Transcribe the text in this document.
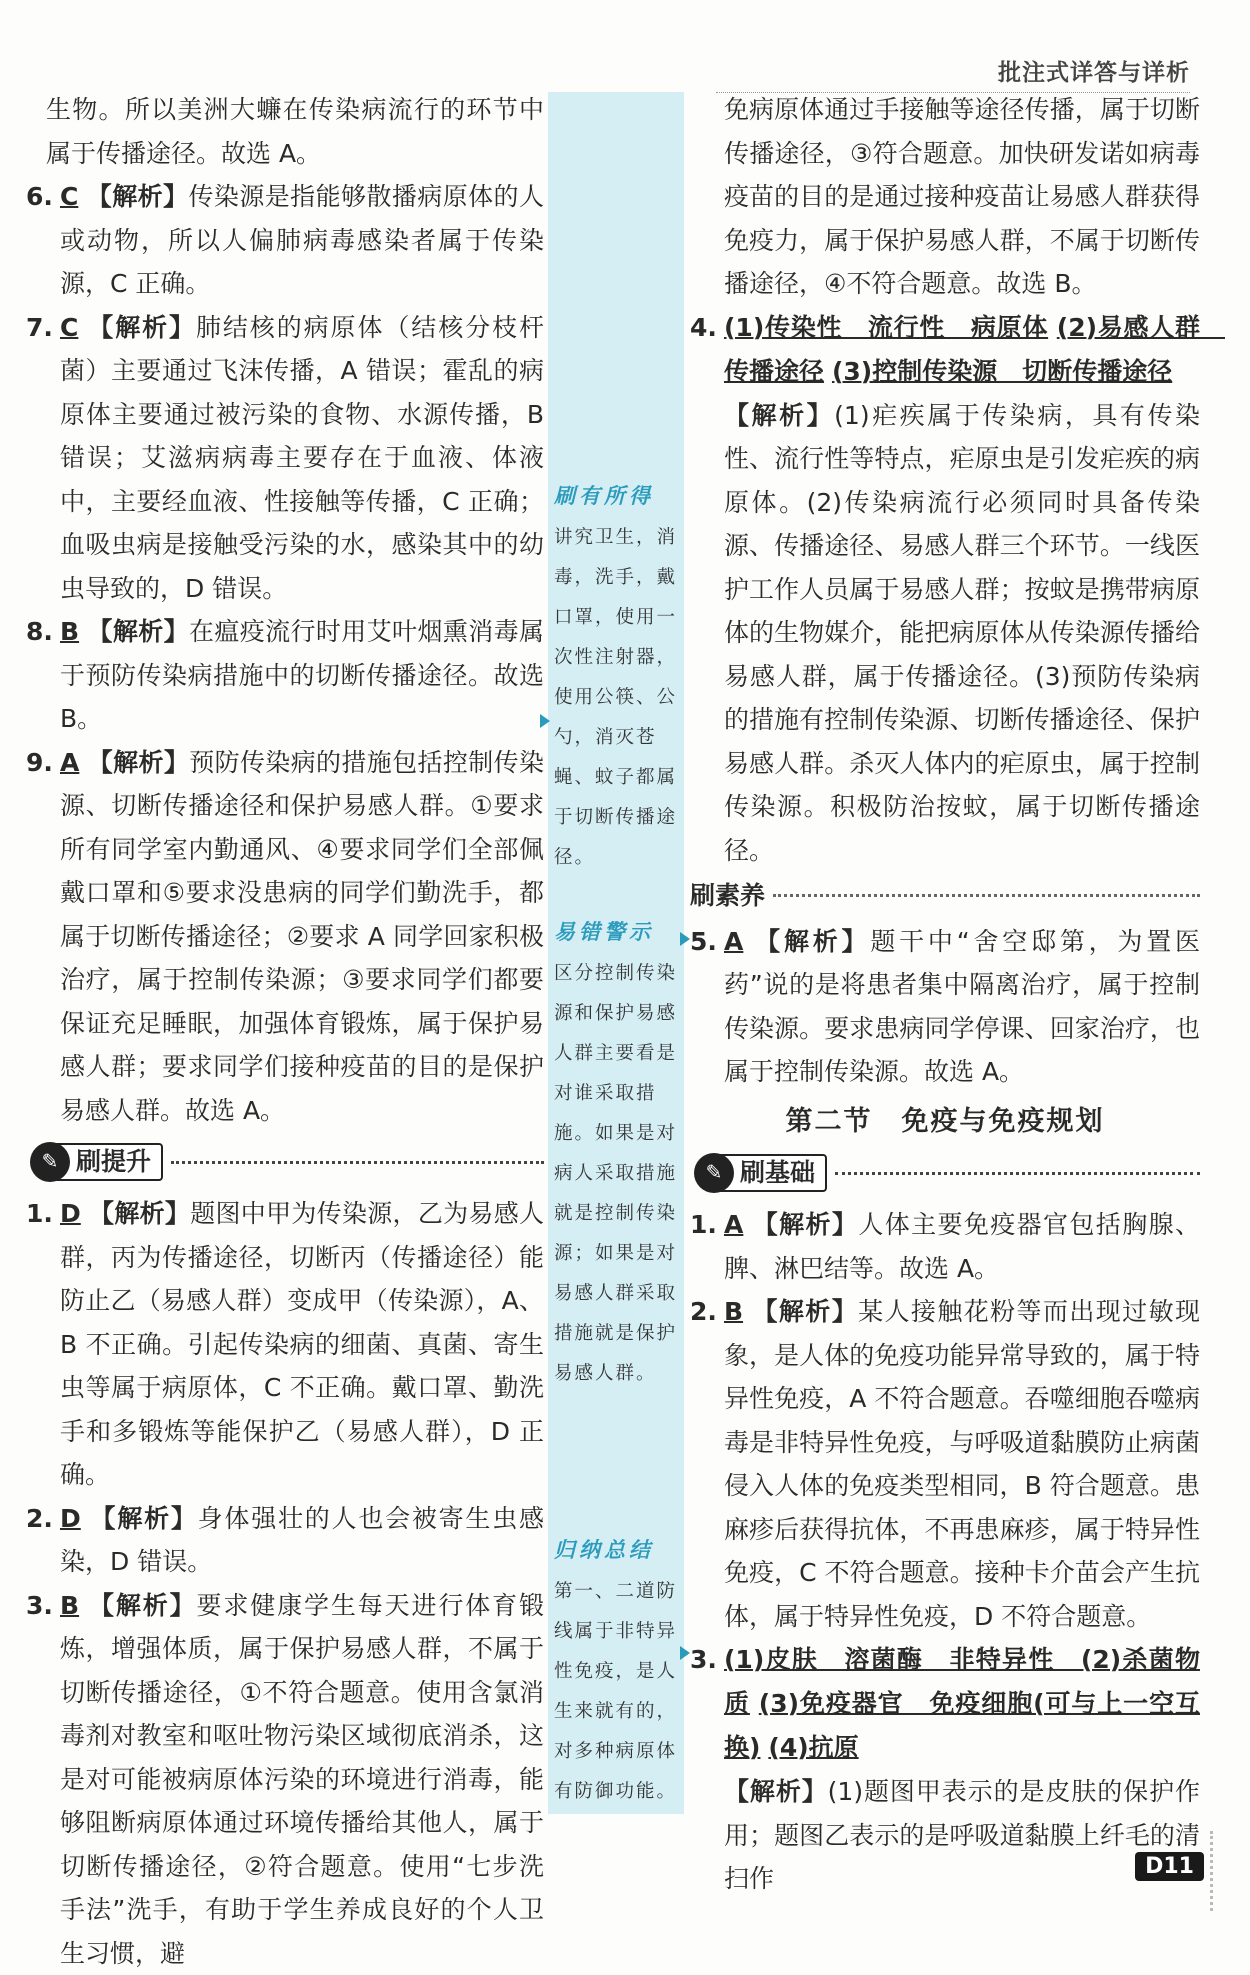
批注式详答与详析
生物。所以美洲大蠊在传染病流行的环节中属于传播途径。故选 A。
6. C 【解析】传染源是指能够散播病原体的人或动物，所以人偏肺病毒感染者属于传染源，C 正确。
7. C 【解析】肺结核的病原体（结核分枝杆菌）主要通过飞沫传播，A 错误；霍乱的病原体主要通过被污染的食物、水源传播，B 错误；艾滋病病毒主要存在于血液、体液中，主要经血液、性接触等传播，C 正确；血吸虫病是接触受污染的水，感染其中的幼虫导致的，D 错误。
8. B 【解析】在瘟疫流行时用艾叶烟熏消毒属于预防传染病措施中的切断传播途径。故选 B。
9. A 【解析】预防传染病的措施包括控制传染源、切断传播途径和保护易感人群。①要求所有同学室内勤通风、④要求同学们全部佩戴口罩和⑤要求没患病的同学们勤洗手，都属于切断传播途径；②要求 A 同学回家积极治疗，属于控制传染源；③要求同学们都要保证充足睡眠，加强体育锻炼，属于保护易感人群；要求同学们接种疫苗的目的是保护易感人群。故选 A。
✎ 刷提升
1. D 【解析】题图中甲为传染源，乙为易感人群，丙为传播途径，切断丙（传播途径）能防止乙（易感人群）变成甲（传染源），A、B 不正确。引起传染病的细菌、真菌、寄生虫等属于病原体，C 不正确。戴口罩、勤洗手和多锻炼等能保护乙（易感人群），D 正确。
2. D 【解析】身体强壮的人也会被寄生虫感染，D 错误。
3. B 【解析】要求健康学生每天进行体育锻炼，增强体质，属于保护易感人群，不属于切断传播途径，①不符合题意。使用含氯消毒剂对教室和呕吐物污染区域彻底消杀，这是对可能被病原体污染的环境进行消毒，能够阻断病原体通过环境传播给其他人，属于切断传播途径，②符合题意。使用“七步洗手法”洗手，有助于学生养成良好的个人卫生习惯，避
刷有所得
讲究卫生，消毒，洗手，戴口罩，使用一次性注射器，使用公筷、公勺，消灭苍蝇、蚊子都属于切断传播途径。
易错警示
区分控制传染源和保护易感人群主要看是对谁采取措施。如果是对病人采取措施就是控制传染源；如果是对易感人群采取措施就是保护易感人群。
归纳总结
第一、二道防线属于非特异性免疫，是人生来就有的，对多种病原体有防御功能。
免病原体通过手接触等途径传播，属于切断传播途径，③符合题意。加快研发诺如病毒疫苗的目的是通过接种疫苗让易感人群获得免疫力，属于保护易感人群，不属于切断传播途径，④不符合题意。故选 B。
4. (1)传染性　流行性　病原体 (2)易感人群　传播途径 (3)控制传染源　切断传播途径
【解析】(1)疟疾属于传染病，具有传染性、流行性等特点，疟原虫是引发疟疾的病原体。(2)传染病流行必须同时具备传染源、传播途径、易感人群三个环节。一线医护工作人员属于易感人群；按蚊是携带病原体的生物媒介，能把病原体从传染源传播给易感人群，属于传播途径。(3)预防传染病的措施有控制传染源、切断传播途径、保护易感人群。杀灭人体内的疟原虫，属于控制传染源。积极防治按蚊，属于切断传播途径。
刷素养
5. A 【解析】题干中“舍空邸第，为置医药”说的是将患者集中隔离治疗，属于控制传染源。要求患病同学停课、回家治疗，也属于控制传染源。故选 A。
第二节　免疫与免疫规划
✎ 刷基础
1. A 【解析】人体主要免疫器官包括胸腺、脾、淋巴结等。故选 A。
2. B 【解析】某人接触花粉等而出现过敏现象，是人体的免疫功能异常导致的，属于特异性免疫，A 不符合题意。吞噬细胞吞噬病毒是非特异性免疫，与呼吸道黏膜防止病菌侵入人体的免疫类型相同，B 符合题意。患麻疹后获得抗体，不再患麻疹，属于特异性免疫，C 不符合题意。接种卡介苗会产生抗体，属于特异性免疫，D 不符合题意。
3. (1)皮肤　溶菌酶　非特异性　(2)杀菌物质 (3)免疫器官　免疫细胞(可与上一空互换) (4)抗原
【解析】(1)题图甲表示的是皮肤的保护作用；题图乙表示的是呼吸道黏膜上纤毛的清扫作	D11
